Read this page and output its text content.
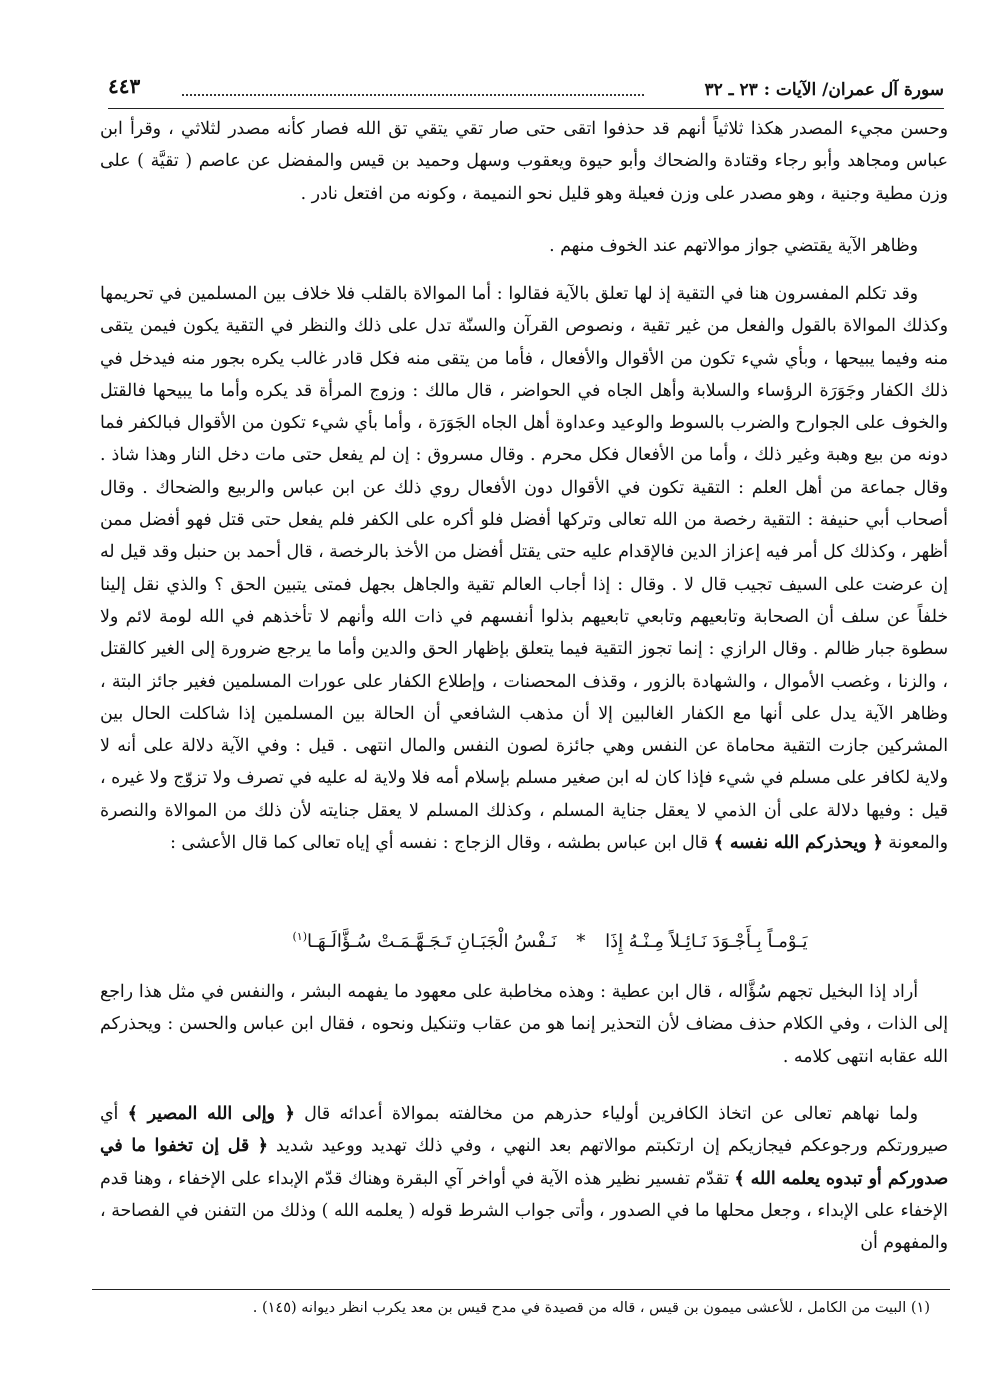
سورة آل عمران/ الآيات : ٢٣ ـ ٣٢
٤٤٣

وحسن مجيء المصدر هكذا ثلاثياً أنهم قد حذفوا اتقى حتى صار تقي يتقي تق الله فصار كأنه مصدر لثلاثي ، وقرأ ابن عباس ومجاهد وأبو رجاء وقتادة والضحاك وأبو حيوة ويعقوب وسهل وحميد بن قيس والمفضل عن عاصم ( تقيَّة ) على وزن مطية وجنية ، وهو مصدر على وزن فعيلة وهو قليل نحو النميمة ، وكونه من افتعل نادر .

وظاهر الآية يقتضي جواز موالاتهم عند الخوف منهم .

وقد تكلم المفسرون هنا في التقية إذ لها تعلق بالآية فقالوا : أما الموالاة بالقلب فلا خلاف بين المسلمين في تحريمها وكذلك الموالاة بالقول والفعل من غير تقية ، ونصوص القرآن والسنّة تدل على ذلك والنظر في التقية يكون فيمن يتقى منه وفيما يبيحها ، وبأي شيء تكون من الأقوال والأفعال ، فأما من يتقى منه فكل قادر غالب يكره بجور منه فيدخل في ذلك الكفار وجَوَرَة الرؤساء والسلابة وأهل الجاه في الحواضر ، قال مالك : وزوج المرأة قد يكره وأما ما يبيحها فالقتل والخوف على الجوارح والضرب بالسوط والوعيد وعداوة أهل الجاه الجَوَرَة ، وأما بأي شيء تكون من الأقوال فبالكفر فما دونه من بيع وهبة وغير ذلك ، وأما من الأفعال فكل محرم . وقال مسروق : إن لم يفعل حتى مات دخل النار وهذا شاذ . وقال جماعة من أهل العلم : التقية تكون في الأقوال دون الأفعال روي ذلك عن ابن عباس والربيع والضحاك . وقال أصحاب أبي حنيفة : التقية رخصة من الله تعالى وتركها أفضل فلو أكره على الكفر فلم يفعل حتى قتل فهو أفضل ممن أظهر ، وكذلك كل أمر فيه إعزاز الدين فالإقدام عليه حتى يقتل أفضل من الأخذ بالرخصة ، قال أحمد بن حنبل وقد قيل له إن عرضت على السيف تجيب قال لا . وقال : إذا أجاب العالم تقية والجاهل بجهل فمتى يتبين الحق ؟ والذي نقل إلينا خلفاً عن سلف أن الصحابة وتابعيهم وتابعي تابعيهم بذلوا أنفسهم في ذات الله وأنهم لا تأخذهم في الله لومة لائم ولا سطوة جبار ظالم . وقال الرازي : إنما تجوز التقية فيما يتعلق بإظهار الحق والدين وأما ما يرجع ضرورة إلى الغير كالقتل ، والزنا ، وغصب الأموال ، والشهادة بالزور ، وقذف المحصنات ، وإطلاع الكفار على عورات المسلمين فغير جائز البتة ، وظاهر الآية يدل على أنها مع الكفار الغالبين إلا أن مذهب الشافعي أن الحالة بين المسلمين إذا شاكلت الحال بين المشركين جازت التقية محاماة عن النفس وهي جائزة لصون النفس والمال انتهى . قيل : وفي الآية دلالة على أنه لا ولاية لكافر على مسلم في شيء فإذا كان له ابن صغير مسلم بإسلام أمه فلا ولاية له عليه في تصرف ولا تزوّج ولا غيره ، قيل : وفيها دلالة على أن الذمي لا يعقل جناية المسلم ، وكذلك المسلم لا يعقل جنايته لأن ذلك من الموالاة والنصرة والمعونة ﴿ ويحذركم الله نفسه ﴾ قال ابن عباس بطشه ، وقال الزجاج : نفسه أي إياه تعالى كما قال الأعشى :

يَـوْمـاً بِـأَجْـوَدَ نَـائِـلاً مِـنْـهُ إِذَا * نَـفْسُ الْجَبَـانِ تَـجَـهَّـمَـتْ سُـؤَّالَـهَـا$^{(١)}$

أراد إذا البخيل تجهم سُؤَّاله ، قال ابن عطية : وهذه مخاطبة على معهود ما يفهمه البشر ، والنفس في مثل هذا راجع إلى الذات ، وفي الكلام حذف مضاف لأن التحذير إنما هو من عقاب وتنكيل ونحوه ، فقال ابن عباس والحسن : ويحذركم الله عقابه انتهى كلامه .

ولما نهاهم تعالى عن اتخاذ الكافرين أولياء حذرهم من مخالفته بموالاة أعدائه قال ﴿ وإلى الله المصير ﴾ أي صيرورتكم ورجوعكم فيجازيكم إن ارتكبتم موالاتهم بعد النهي ، وفي ذلك تهديد ووعيد شديد ﴿ قل إن تخفوا ما في صدوركم أو تبدوه يعلمه الله ﴾ تقدّم تفسير نظير هذه الآية في أواخر آي البقرة وهناك قدّم الإبداء على الإخفاء ، وهنا قدم الإخفاء على الإبداء ، وجعل محلها ما في الصدور ، وأتى جواب الشرط قوله ( يعلمه الله ) وذلك من التفنن في الفصاحة ، والمفهوم أن

(١) البيت من الكامل ، للأعشى ميمون بن قيس ، قاله من قصيدة في مدح قيس بن معد يكرب انظر ديوانه (١٤٥) .
